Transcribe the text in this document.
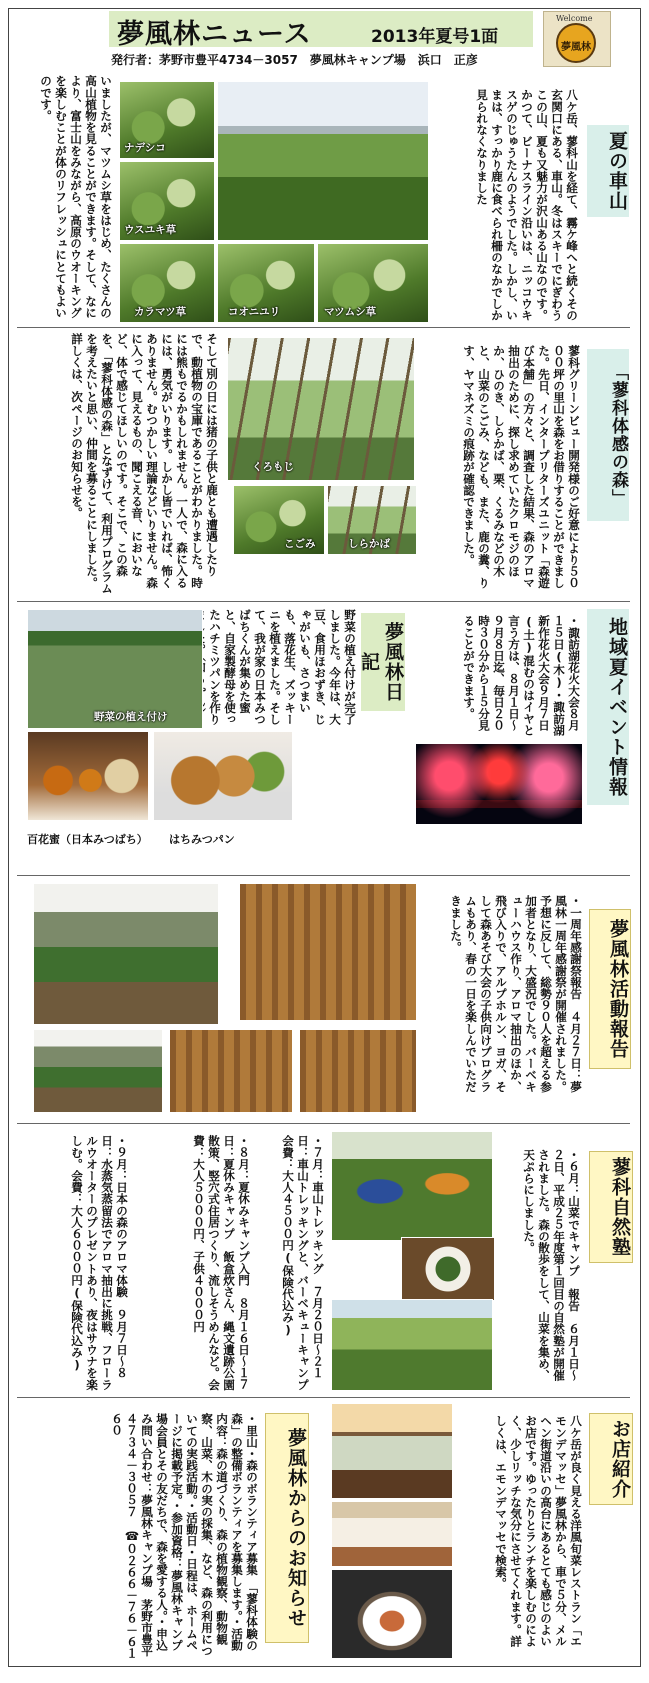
夢風林ニュース	2013年夏号1面
発行者：茅野市豊平4734－3057　夢風林キャンプ場　浜口　正彦
Welcome
夢風林
夏の車山
八ケ岳、蓼科山を経て、霧ケ峰へと続くその玄関口にある、車山。冬はスキーでにぎわうこの山、夏も又魅力が沢山ある山なのです。かつて、ビーナスライン沿いは、ニッコウキスゲのじゅうたんのようでした。しかし、いまは、すっかり鹿に食べられ柵のなかでしか見られなくなりました
いましたが、マツムシ草をはじめ、たくさんの高山植物を見ることができます。そして、なにより、富士山をみながら、高原のウオーキングを楽しむことが体のリフレッシュにとてもよいのです。
ナデシコ
ウスユキ草
カラマツ草	コオニユリ	マツムシ草
「蓼科体感の森」
蓼科グリーンビュー開発様のご好意により５０００坪の里山を森をお借りすることができました。先日、インタープリターズユニット「森遊び本舗」の方々と、調査した結果、森のアロマ抽出のために、探し求めていたクロモジのほか、ひのき、しらかば、栗、くるみなどの木と、山菜のこごみ、なども、また、鹿の糞、りす、ヤマネズミの痕跡が確認できました。
そして別の日には猪の子供と鹿とも遭遇したりで、動植物の宝庫であることがわかりました。時には熊もでるかもしれません。一人で、森に入るには、勇気がいります。しかし皆でいれば、怖くありません。むつかしい理論などいりません。森に入って、見えるもの、聞こえる音、においなど、体で感じてほしいのです。そこで、この森を、「蓼科体感の森」となずけて、利用プログラムを考えたいと思い、仲間を募ることにしました。詳しくは、次ページのお知らせを。	くろもじ
こごみ	しらかば
地域夏イベント情報
・諏訪湖花火大会８月１５日(木)・諏訪湖新作花火大会９月７日(土)混むのはイヤと言う方は、８月１日～９月８日迄、毎日２０時３０分から１５分見ることができます。
夢風林日記
野菜の植え付けが完了しました。今年は、大豆、食用ほおずき、じゃがいも、さつまいも、落花生、ズッキーニを植えました。そして、我が家の日本みつばちくんが集めた蜜と、自家製酵母を使ったハチミツパンを作り
野菜の植え付け
百花蜜（日本みつばち） はちみつパン
夢風林活動報告
・一周年感謝祭報告　４月２７日：夢風林一周年感謝祭が開催されました。予想に反して、総勢９０人を超える参加者となり、大盛況でした。バーベキューハウス作り、アロマ抽出のほか、飛び入りで、アルプホルン、ヨガ、そして森あそび大会の子供向けプログラムもあり、春の一日を楽しんでいただきました。
蓼科自然塾
・６月：山菜でキャンプ　報告　６月１日～２日、平成２５年度第１回目の自然塾が開催されました。森の散歩をして、山菜を集め、天ぷらにしました。
・７月：車山トレッキング　７月２０日～２１日：車山トレッキングと、バーベキューキャンプ　会費：大人４５００円(保険代込み)
・８月：夏休みキャンプ入門　８月１６日～１７日：夏休みキャンプ　飯盒炊さん、縄文遺跡公園散策、竪穴式住居つくり、流しそうめんなど。会費：大人５０００円、子供４０００円
・９月：日本の森のアロマ体験　９月７日～８日：水蒸気蒸留法でアロマ抽出に挑戦、フローラルウオーターのプレゼントあり、夜はサウナを楽しむ。会費：大人６０００円(保険代込み)
お店紹介
八ケ岳が良く見える洋風旬菜レストラン「エモンデマッセ」夢風林から、車で５分、メルヘン街道沿いの高台にあるとても感じのよいお店です。ゆったりとランチを楽しむのによく、少しリッチな気分にさせてくれます。詳しくは、エモンデマッセで検索。
夢風林からのお知らせ
・里山・森のボランティア募集　「蓼科体験の森」の整備ボランティアを募集します。・活動内容：森の道づくり、森の植物観察、動物観察、山菜、木の実の採集、など、森の利用についての実践活動。・活動日・日程は、ホームページに掲載予定。・参加資格：夢風林キャンプ場会員とその友だちで、森を愛する人。・申込み問い合わせ：夢風林キャンプ場　茅野市豊平４７３４－３０５７　☎０２６６－７６－６１６０
